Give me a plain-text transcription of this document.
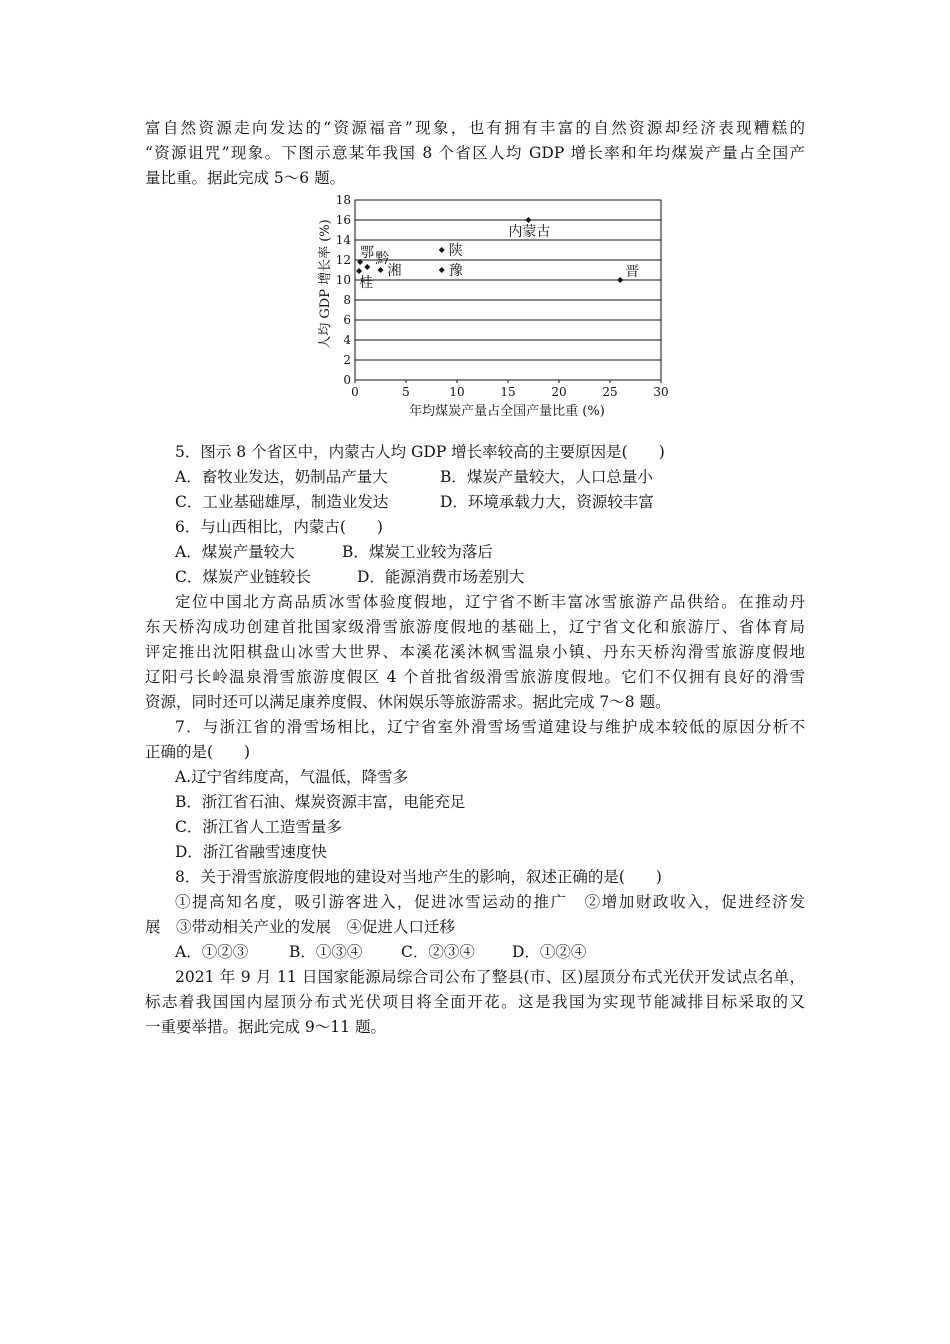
富自然资源走向发达的“资源福音”现象，也有拥有丰富的自然资源却经济表现糟糕的
“资源诅咒”现象。下图示意某年我国 8 个省区人均 GDP 增长率和年均煤炭产量占全国产
量比重。据此完成 5～6 题。
0
2
4
6
8
10
12
14
16
18
0	5	10	15	20	25	30
内蒙古
陕
豫	晋
鄂 黔
湘
桂
人均 GDP 增长率 (%)
年均煤炭产量占全国产量比重 (%)
5．图示 8 个省区中，内蒙古人均 GDP 增长率较高的主要原因是(　　)
A．畜牧业发达，奶制品产量大	B．煤炭产量较大，人口总量小
C．工业基础雄厚，制造业发达	D．环境承载力大，资源较丰富
6．与山西相比，内蒙古(　　)
A．煤炭产量较大	B．煤炭工业较为落后
C．煤炭产业链较长	D．能源消费市场差别大
定位中国北方高品质冰雪体验度假地，辽宁省不断丰富冰雪旅游产品供给。在推动丹
东天桥沟成功创建首批国家级滑雪旅游度假地的基础上，辽宁省文化和旅游厅、省体育局
评定推出沈阳棋盘山冰雪大世界、本溪花溪沐枫雪温泉小镇、丹东天桥沟滑雪旅游度假地
辽阳弓长岭温泉滑雪旅游度假区 4 个首批省级滑雪旅游度假地。它们不仅拥有良好的滑雪
资源，同时还可以满足康养度假、休闲娱乐等旅游需求。据此完成 7～8 题。
7．与浙江省的滑雪场相比，辽宁省室外滑雪场雪道建设与维护成本较低的原因分析不
正确的是(　　)
A.辽宁省纬度高，气温低，降雪多
B．浙江省石油、煤炭资源丰富，电能充足
C．浙江省人工造雪量多
D．浙江省融雪速度快
8．关于滑雪旅游度假地的建设对当地产生的影响，叙述正确的是(　　)
①提高知名度，吸引游客进入，促进冰雪运动的推广　②增加财政收入，促进经济发
展　③带动相关产业的发展　④促进人口迁移
A．①②③	B．①③④ C．②③④ D．①②④
2021 年 9 月 11 日国家能源局综合司公布了整县(市、区)屋顶分布式光伏开发试点名单，
标志着我国国内屋顶分布式光伏项目将全面开花。这是我国为实现节能减排目标采取的又
一重要举措。据此完成 9～11 题。
